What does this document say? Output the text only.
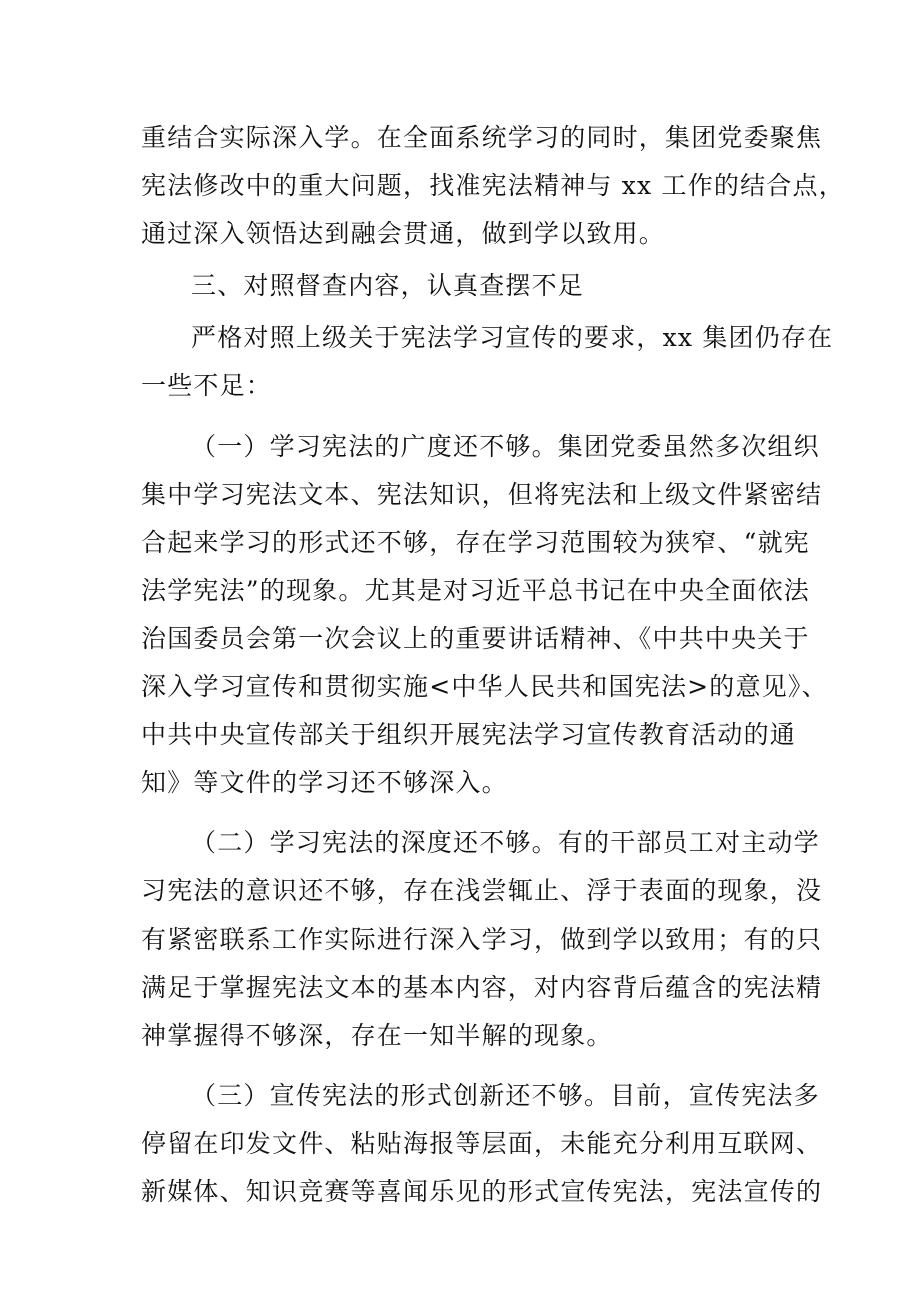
重结合实际深入学。在全面系统学习的同时，集团党委聚焦
宪法修改中的重大问题，找准宪法精神与 xx 工作的结合点，
通过深入领悟达到融会贯通，做到学以致用。
三、对照督查内容，认真查摆不足
严格对照上级关于宪法学习宣传的要求，xx 集团仍存在
一些不足：
（一）学习宪法的广度还不够。集团党委虽然多次组织
集中学习宪法文本、宪法知识，但将宪法和上级文件紧密结
合起来学习的形式还不够，存在学习范围较为狭窄、“就宪
法学宪法”的现象。尤其是对习近平总书记在中央全面依法
治国委员会第一次会议上的重要讲话精神、《中共中央关于
深入学习宣传和贯彻实施<中华人民共和国宪法>的意见》、
中共中央宣传部关于组织开展宪法学习宣传教育活动的通
知》等文件的学习还不够深入。
（二）学习宪法的深度还不够。有的干部员工对主动学
习宪法的意识还不够，存在浅尝辄止、浮于表面的现象，没
有紧密联系工作实际进行深入学习，做到学以致用；有的只
满足于掌握宪法文本的基本内容，对内容背后蕴含的宪法精
神掌握得不够深，存在一知半解的现象。
（三）宣传宪法的形式创新还不够。目前，宣传宪法多
停留在印发文件、粘贴海报等层面，未能充分利用互联网、
新媒体、知识竞赛等喜闻乐见的形式宣传宪法，宪法宣传的
